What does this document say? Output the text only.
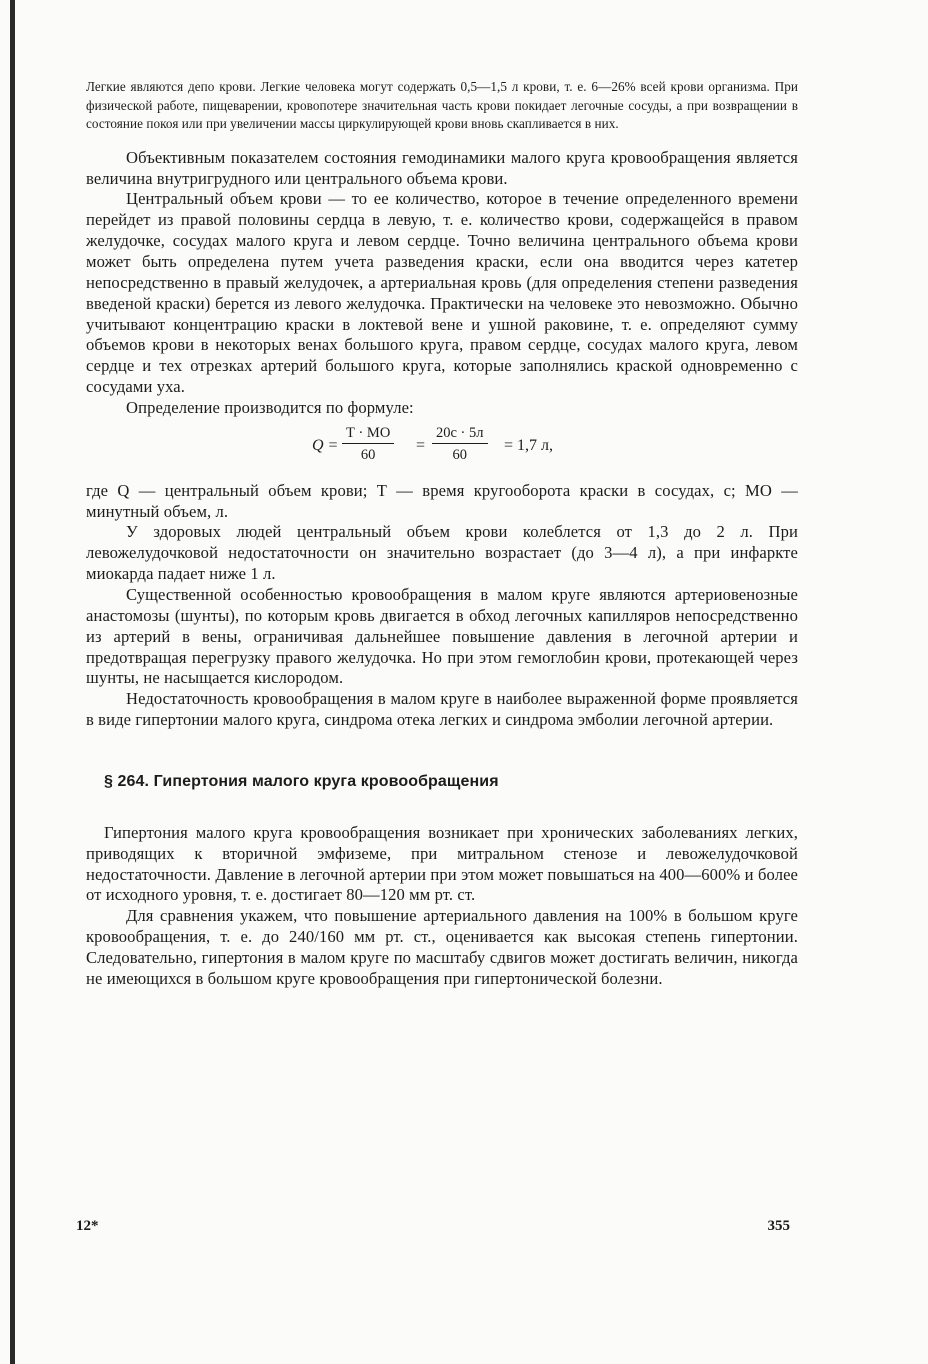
Легкие являются депо крови. Легкие человека могут содержать 0,5—1,5 л крови, т. е. 6—26% всей крови организма. При физической работе, пищеварении, кровопотере значительная часть крови покидает легочные сосуды, а при возвращении в состояние покоя или при увеличении массы циркулирующей крови вновь скапливается в них.

Объективным показателем состояния гемодинамики малого круга кровообращения является величина внутригрудного или центрального объема крови.

Центральный объем крови — то ее количество, которое в течение определенного времени перейдет из правой половины сердца в левую, т. е. количество крови, содержащейся в правом желудочке, сосудах малого круга и левом сердце. Точно величина центрального объема крови может быть определена путем учета разведения краски, если она вводится через катетер непосредственно в правый желудочек, а артериальная кровь (для определения степени разведения введеной краски) берется из левого желудочка. Практически на человеке это невозможно. Обычно учитывают концентрацию краски в локтевой вене и ушной раковине, т. е. определяют сумму объемов крови в некоторых венах большого круга, правом сердце, сосудах малого круга, левом сердце и тех отрезках артерий большого круга, которые заполнялись краской одновременно с сосудами уха.

Определение производится по формуле:

Q =
Т · МО
60
=
20с · 5л
60
= 1,7 л,

где Q — центральный объем крови; Т — время кругооборота краски в сосудах, с; МО — минутный объем, л.

У здоровых людей центральный объем крови колеблется от 1,3 до 2 л. При левожелудочковой недостаточности он значительно возрастает (до 3—4 л), а при инфаркте миокарда падает ниже 1 л.

Существенной особенностью кровообращения в малом круге являются артериовенозные анастомозы (шунты), по которым кровь двигается в обход легочных капилляров непосредственно из артерий в вены, ограничивая дальнейшее повышение давления в легочной артерии и предотвращая перегрузку правого желудочка. Но при этом гемоглобин крови, протекающей через шунты, не насыщается кислородом.

Недостаточность кровообращения в малом круге в наиболее выраженной форме проявляется в виде гипертонии малого круга, синдрома отека легких и синдрома эмболии легочной артерии.

§ 264. Гипертония малого круга кровообращения

Гипертония малого круга кровообращения возникает при хронических заболеваниях легких, приводящих к вторичной эмфиземе, при митральном стенозе и левожелудочковой недостаточности. Давление в легочной артерии при этом может повышаться на 400—600% и более от исходного уровня, т. е. достигает 80—120 мм рт. ст.

Для сравнения укажем, что повышение артериального давления на 100% в большом круге кровообращения, т. е. до 240/160 мм рт. ст., оценивается как высокая степень гипертонии. Следовательно, гипертония в малом круге по масштабу сдвигов может достигать величин, никогда не имеющихся в большом круге кровообращения при гипертонической болезни.

12*	355
